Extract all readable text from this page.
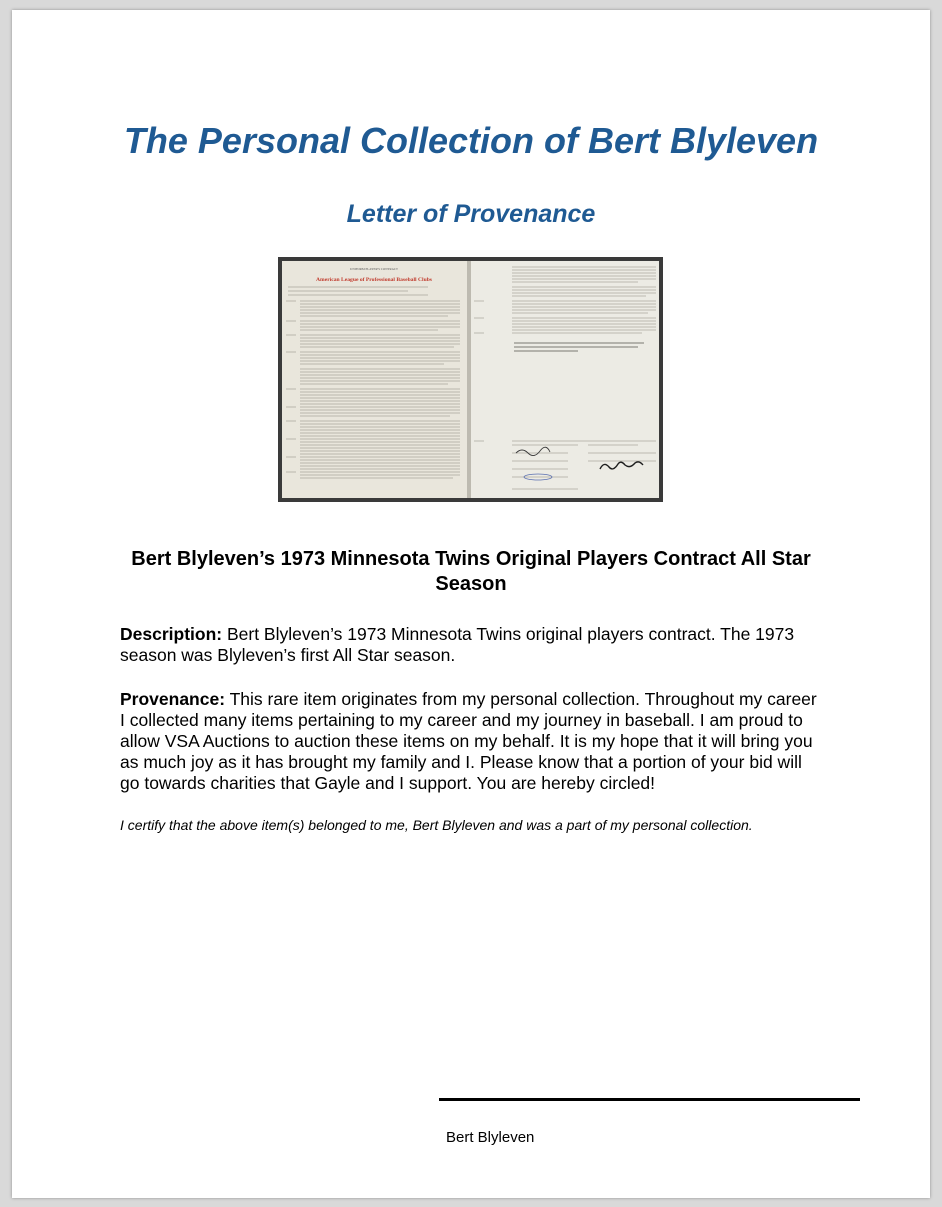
The Personal Collection of Bert Blyleven
Letter of Provenance
UNIFORM PLAYER'S CONTRACT
American League of Professional Baseball Clubs
Bert Blyleven’s 1973 Minnesota Twins Original Players Contract All Star Season
Description: Bert Blyleven’s 1973 Minnesota Twins original players contract. The 1973 season was Blyleven’s first All Star season.
Provenance: This rare item originates from my personal collection. Throughout my career I collected many items pertaining to my career and my journey in baseball. I am proud to allow VSA Auctions to auction these items on my behalf. It is my hope that it will bring you as much joy as it has brought my family and I. Please know that a portion of your bid will go towards charities that Gayle and I support. You are hereby circled!
I certify that the above item(s) belonged to me, Bert Blyleven and was a part of my personal collection.
Bert Blyleven
